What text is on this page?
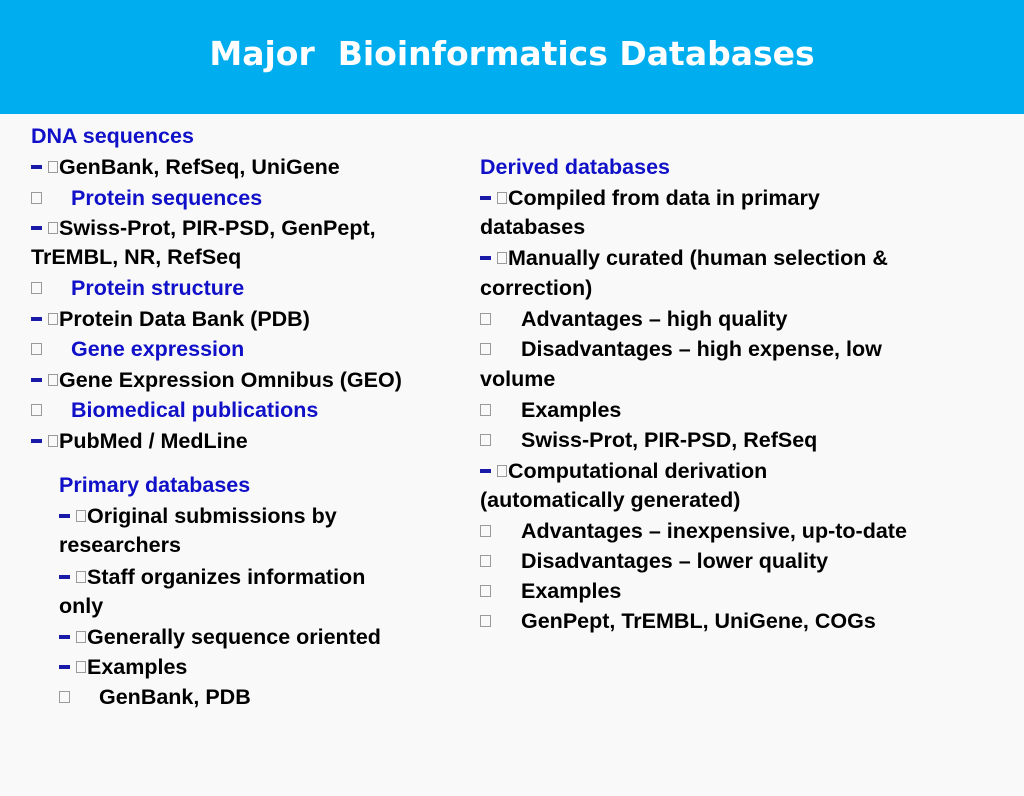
Major  Bioinformatics Databases
DNA sequences
GenBank, RefSeq, UniGene
Protein sequences
Swiss-Prot, PIR-PSD, GenPept,
TrEMBL, NR, RefSeq
Protein structure
Protein Data Bank (PDB)
Gene expression
Gene Expression Omnibus (GEO)
Biomedical publications
PubMed / MedLine
Primary databases
Original submissions by
researchers
Staff organizes information
only
Generally sequence oriented
Examples
GenBank, PDB
Derived databases
Compiled from data in primary
databases
Manually curated (human selection &
correction)
Advantages – high quality
Disadvantages – high expense, low
volume
Examples
Swiss-Prot, PIR-PSD, RefSeq
Computational derivation
(automatically generated)
Advantages – inexpensive, up-to-date
Disadvantages – lower quality
Examples
GenPept, TrEMBL, UniGene, COGs
